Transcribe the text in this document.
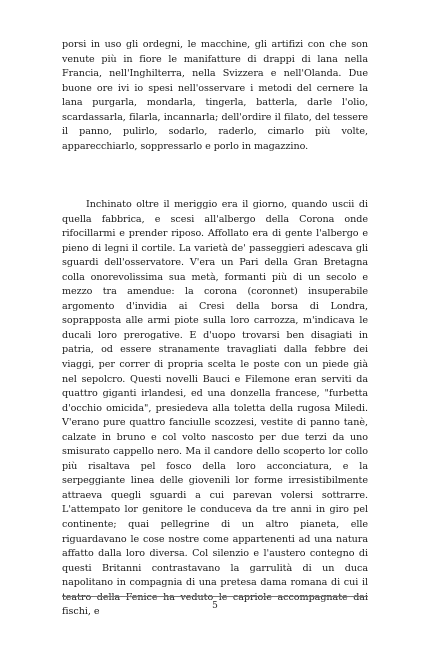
porsi in uso gli ordegni, le macchine, gli artifizi con che son venute più in fiore le manifatture di drappi di lana nella Francia, nell'Inghilterra, nella Svizzera e nell'Olanda. Due buone ore ivi io spesi nell'osservare i metodi del cernere la lana purgarla, mondarla, tingerla, batterla, darle l'olio, scardassarla, filarla, incannarla; dell'ordire il filato, del tessere il panno, pulirlo, sodarlo, raderlo, cimarlo più volte, apparecchiarlo, soppressarlo e porlo in magazzino.

Inchinato oltre il meriggio era il giorno, quando uscii di quella fabbrica, e scesi all'albergo della Corona onde rifocillarmi e prender riposo. Affollato era di gente l'albergo e pieno di legni il cortile. La varietà de' passeggieri adescava gli sguardi dell'osservatore. V'era un Pari della Gran Bretagna colla onorevolissima sua metà, formanti più di un secolo e mezzo tra amendue: la corona (coronnet) insuperabile argomento d'invidia ai Cresi della borsa di Londra, soprapposta alle armi piote sulla loro carrozza, m'indicava le ducali loro prerogative. E d'uopo trovarsi ben disagiati in patria, od essere stranamente travagliati dalla febbre dei viaggi, per correr di propria scelta le poste con un piede già nel sepolcro. Questi novelli Bauci e Filemone eran serviti da quattro giganti irlandesi, ed una donzella francese, "furbetta d'occhio omicida", presiedeva alla toletta della rugosa Miledi. V'erano pure quattro fanciulle scozzesi, vestite di panno tanè, calzate in bruno e col volto nascosto per due terzi da uno smisurato cappello nero. Ma il candore dello scoperto lor collo più risaltava pel fosco della loro acconciatura, e la serpeggiante linea delle giovenili lor forme irresistibilmente attraeva quegli sguardi a cui parevan volersi sottrarre. L'attempato lor genitore le conduceva da tre anni in giro pel continente; quai pellegrine di un altro pianeta, elle riguardavano le cose nostre come appartenenti ad una natura affatto dalla loro diversa. Col silenzio e l'austero contegno di questi Britanni contrastavano la garrulità di un duca napolitano in compagnia di una pretesa dama romana di cui il teatro della Fenice ha veduto le capriole accompagnate dai fischi, e

5
